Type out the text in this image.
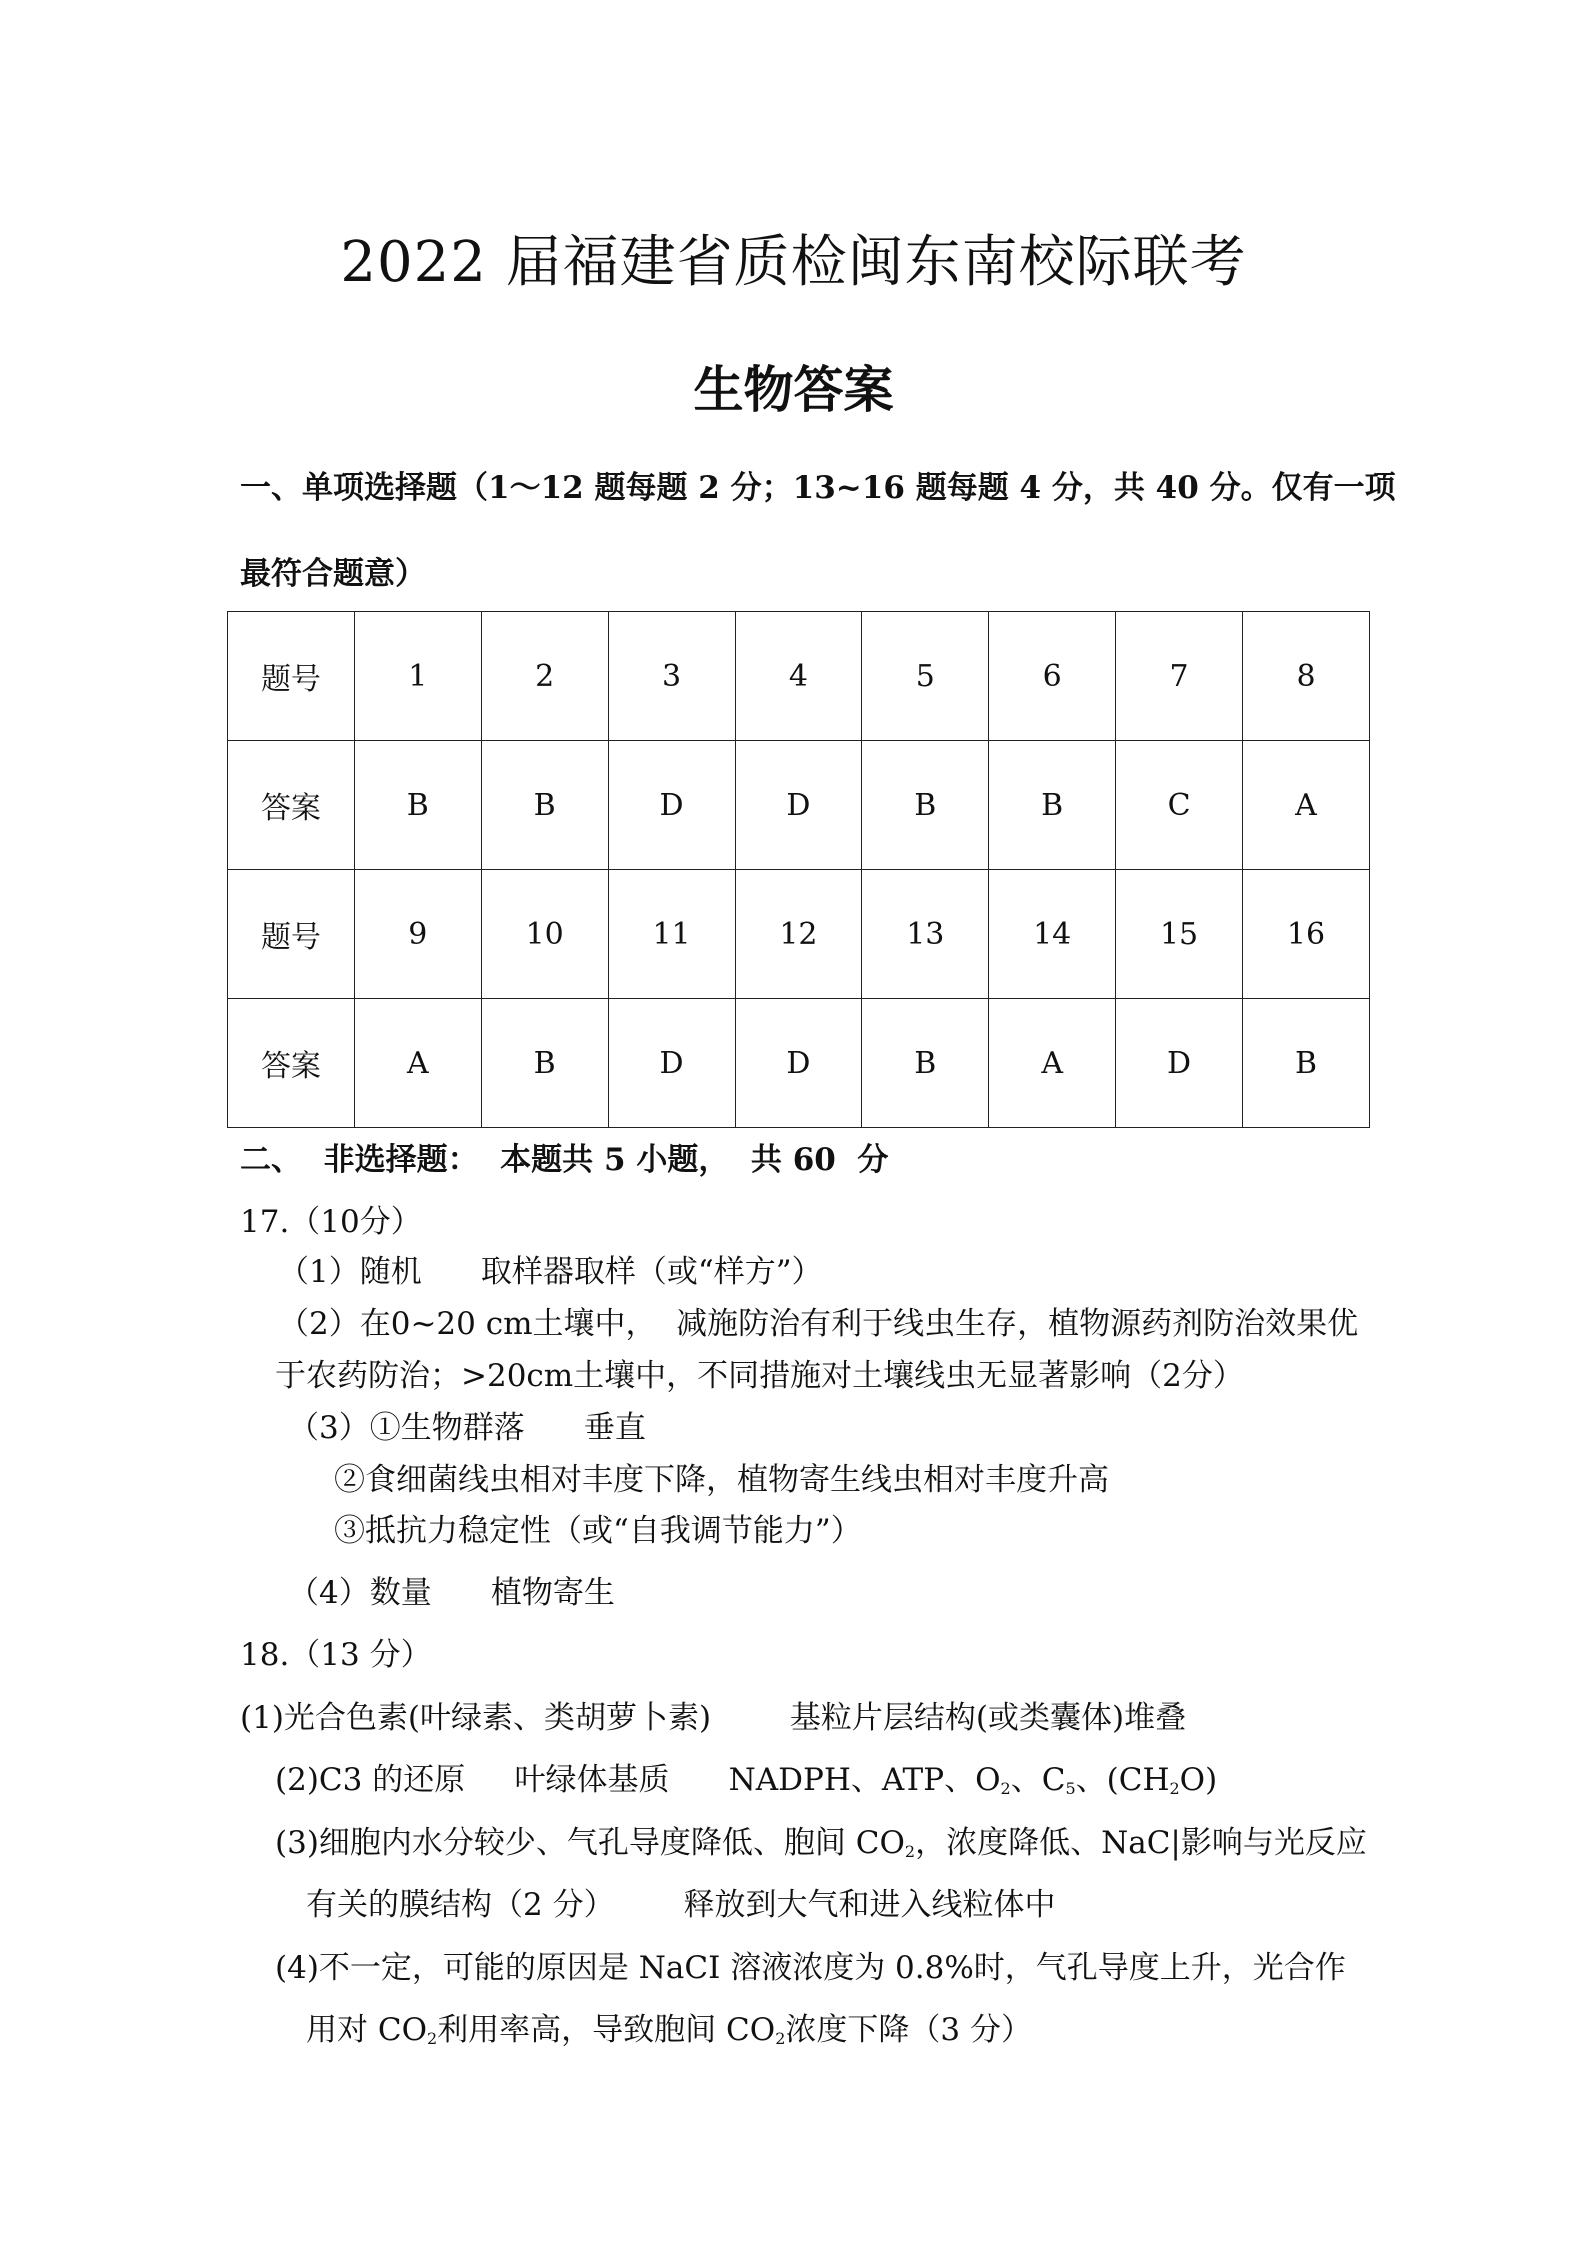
2022 届福建省质检闽东南校际联考
生物答案
一、单项选择题（1～12 题每题 2 分；13~16 题每题 4 分，共 40 分。仅有一项
最符合题意）
题号	1	2	3	4	5	6	7	8
答案	B	B	D	D	B	B	C	A
题号	9	10	11	12	13	14	15	16
答案	A	B	D	D	B	A	D	B
二、  非选择题：  本题共 5 小题，  共 60  分
17.（10分）
（1）随机      取样器取样（或“样方”）
（2）在0~20 cm土壤中，  减施防治有利于线虫生存，植物源药剂防治效果优
于农药防治；>20cm土壤中，不同措施对土壤线虫无显著影响（2分）
（3）①生物群落      垂直
②食细菌线虫相对丰度下降，植物寄生线虫相对丰度升高
③抵抗力稳定性（或“自我调节能力”）
（4）数量      植物寄生
18.（13 分）
(1)光合色素(叶绿素、类胡萝卜素)        基粒片层结构(或类囊体)堆叠
(2)C3 的还原     叶绿体基质      NADPH、ATP、$O_2$、$C_5$、$(CH_2O)$
(3)细胞内水分较少、气孔导度降低、胞间 $CO_2$，浓度降低、NaC|影响与光反应
有关的膜结构（2 分）       释放到大气和进入线粒体中
(4)不一定，可能的原因是 NaCI 溶液浓度为 0.8%时，气孔导度上升，光合作
用对 $CO_2$利用率高，导致胞间 $CO_2$浓度下降（3 分）
